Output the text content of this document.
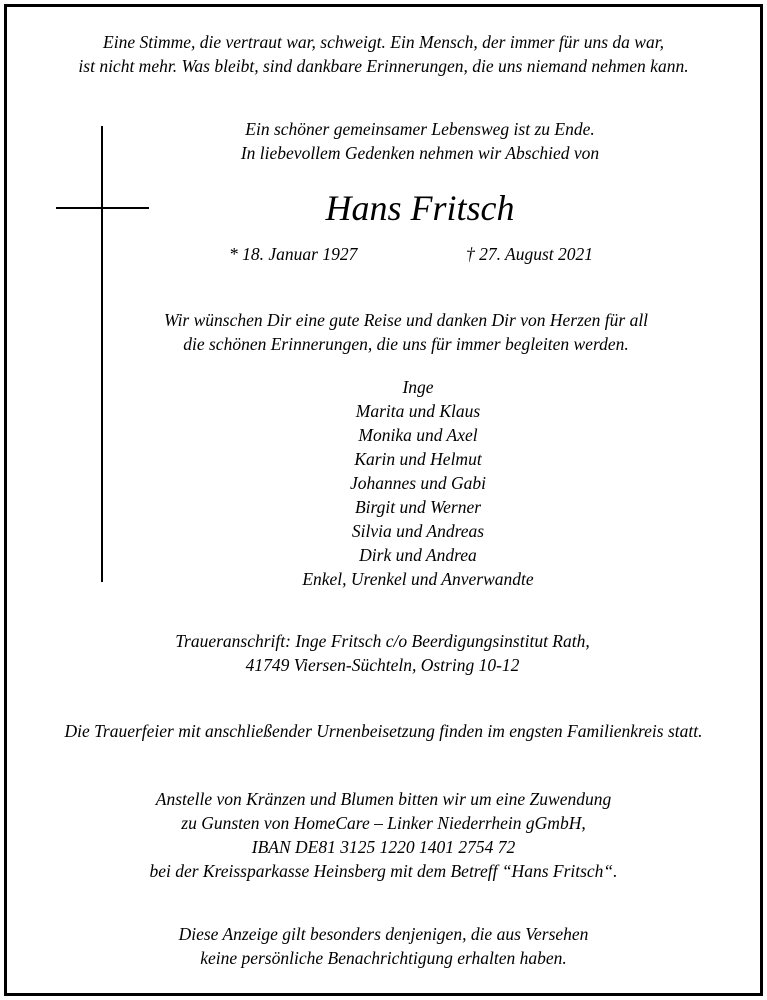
Eine Stimme, die vertraut war, schweigt. Ein Mensch, der immer für uns da war,
ist nicht mehr. Was bleibt, sind dankbare Erinnerungen, die uns niemand nehmen kann.
Ein schöner gemeinsamer Lebensweg ist zu Ende.
In liebevollem Gedenken nehmen wir Abschied von
Hans Fritsch
* 18. Januar 1927	† 27. August 2021
Wir wünschen Dir eine gute Reise und danken Dir von Herzen für all
die schönen Erinnerungen, die uns für immer begleiten werden.
Inge
Marita und Klaus
Monika und Axel
Karin und Helmut
Johannes und Gabi
Birgit und Werner
Silvia und Andreas
Dirk und Andrea
Enkel, Urenkel und Anverwandte
Traueranschrift: Inge Fritsch c/o Beerdigungsinstitut Rath,
41749 Viersen-Süchteln, Ostring 10-12
Die Trauerfeier mit anschließender Urnenbeisetzung finden im engsten Familienkreis statt.
Anstelle von Kränzen und Blumen bitten wir um eine Zuwendung
zu Gunsten von HomeCare – Linker Niederrhein gGmbH,
IBAN DE81 3125 1220 1401 2754 72
bei der Kreissparkasse Heinsberg mit dem Betreff “Hans Fritsch“.
Diese Anzeige gilt besonders denjenigen, die aus Versehen
keine persönliche Benachrichtigung erhalten haben.
